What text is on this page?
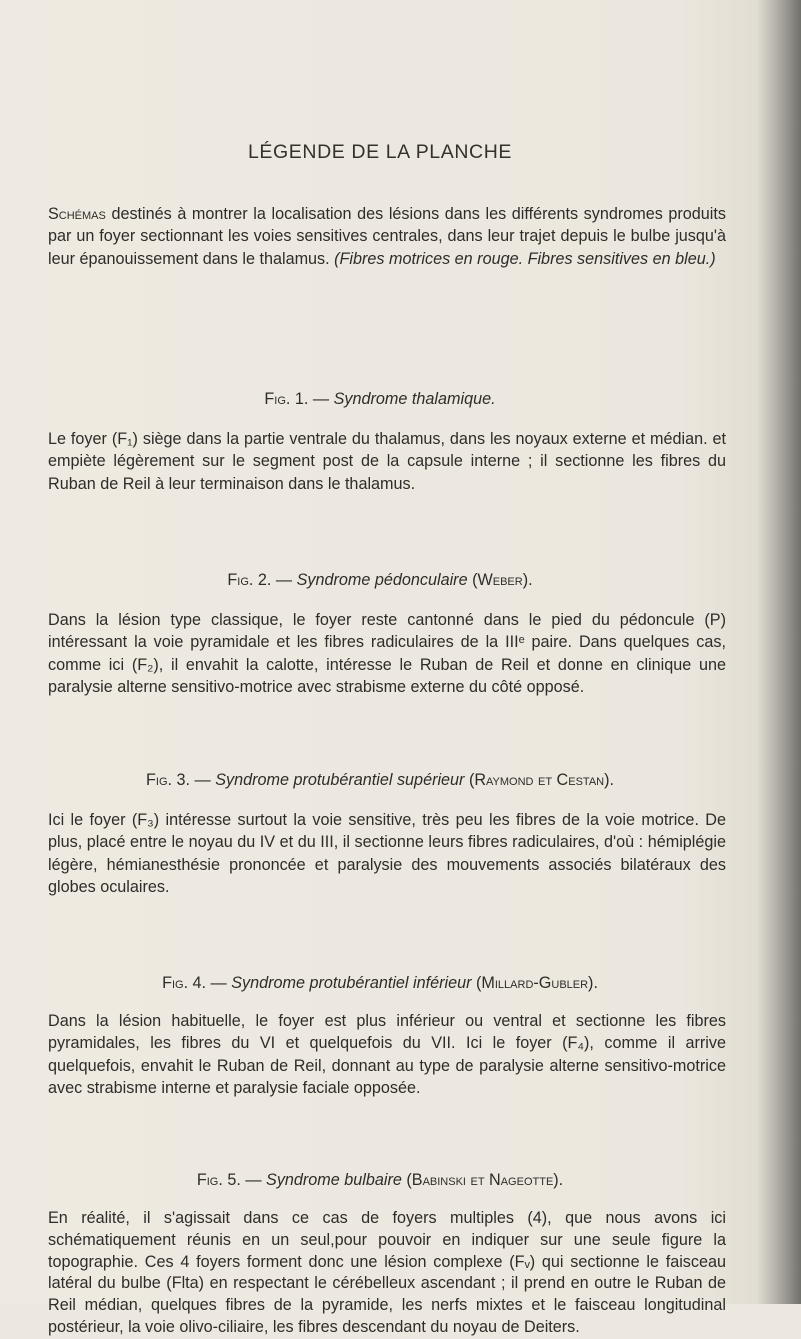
LÉGENDE DE LA PLANCHE
Schémas destinés à montrer la localisation des lésions dans les différents syndromes produits par un foyer sectionnant les voies sensitives centrales, dans leur trajet depuis le bulbe jusqu'à leur épanouissement dans le thalamus. (Fibres motrices en rouge. Fibres sensitives en bleu.)
Fig. 1. — Syndrome thalamique.
Le foyer (F₁) siège dans la partie ventrale du thalamus, dans les noyaux externe et médian. et empiète légèrement sur le segment post de la capsule interne ; il sectionne les fibres du Ruban de Reil à leur terminaison dans le thalamus.
Fig. 2. — Syndrome pédonculaire (Weber).
Dans la lésion type classique, le foyer reste cantonné dans le pied du pédoncule (P) intéressant la voie pyramidale et les fibres radiculaires de la IIIᵉ paire. Dans quelques cas, comme ici (F₂), il envahit la calotte, intéresse le Ruban de Reil et donne en clinique une paralysie alterne sensitivo-motrice avec strabisme externe du côté opposé.
Fig. 3. — Syndrome protubérantiel supérieur (Raymond et Cestan).
Ici le foyer (F₃) intéresse surtout la voie sensitive, très peu les fibres de la voie motrice. De plus, placé entre le noyau du IV et du III, il sectionne leurs fibres radiculaires, d'où : hémiplégie légère, hémianesthésie prononcée et paralysie des mouvements associés bilatéraux des globes oculaires.
Fig. 4. — Syndrome protubérantiel inférieur (Millard-Gubler).
Dans la lésion habituelle, le foyer est plus inférieur ou ventral et sectionne les fibres pyramidales, les fibres du VI et quelquefois du VII. Ici le foyer (F₄), comme il arrive quelquefois, envahit le Ruban de Reil, donnant au type de paralysie alterne sensitivo-motrice avec strabisme interne et paralysie faciale opposée.
Fig. 5. — Syndrome bulbaire (Babinski et Nageotte).
En réalité, il s'agissait dans ce cas de foyers multiples (4), que nous avons ici schématiquement réunis en un seul,pour pouvoir en indiquer sur une seule figure la topographie. Ces 4 foyers forment donc une lésion complexe (Fᵥ) qui sectionne le faisceau latéral du bulbe (Flta) en respectant le cérébelleux ascendant ; il prend en outre le Ruban de Reil médian, quelques fibres de la pyramide, les nerfs mixtes et le faisceau longitudinal postérieur, la voie olivo-ciliaire, les fibres descendant du noyau de Deiters.
